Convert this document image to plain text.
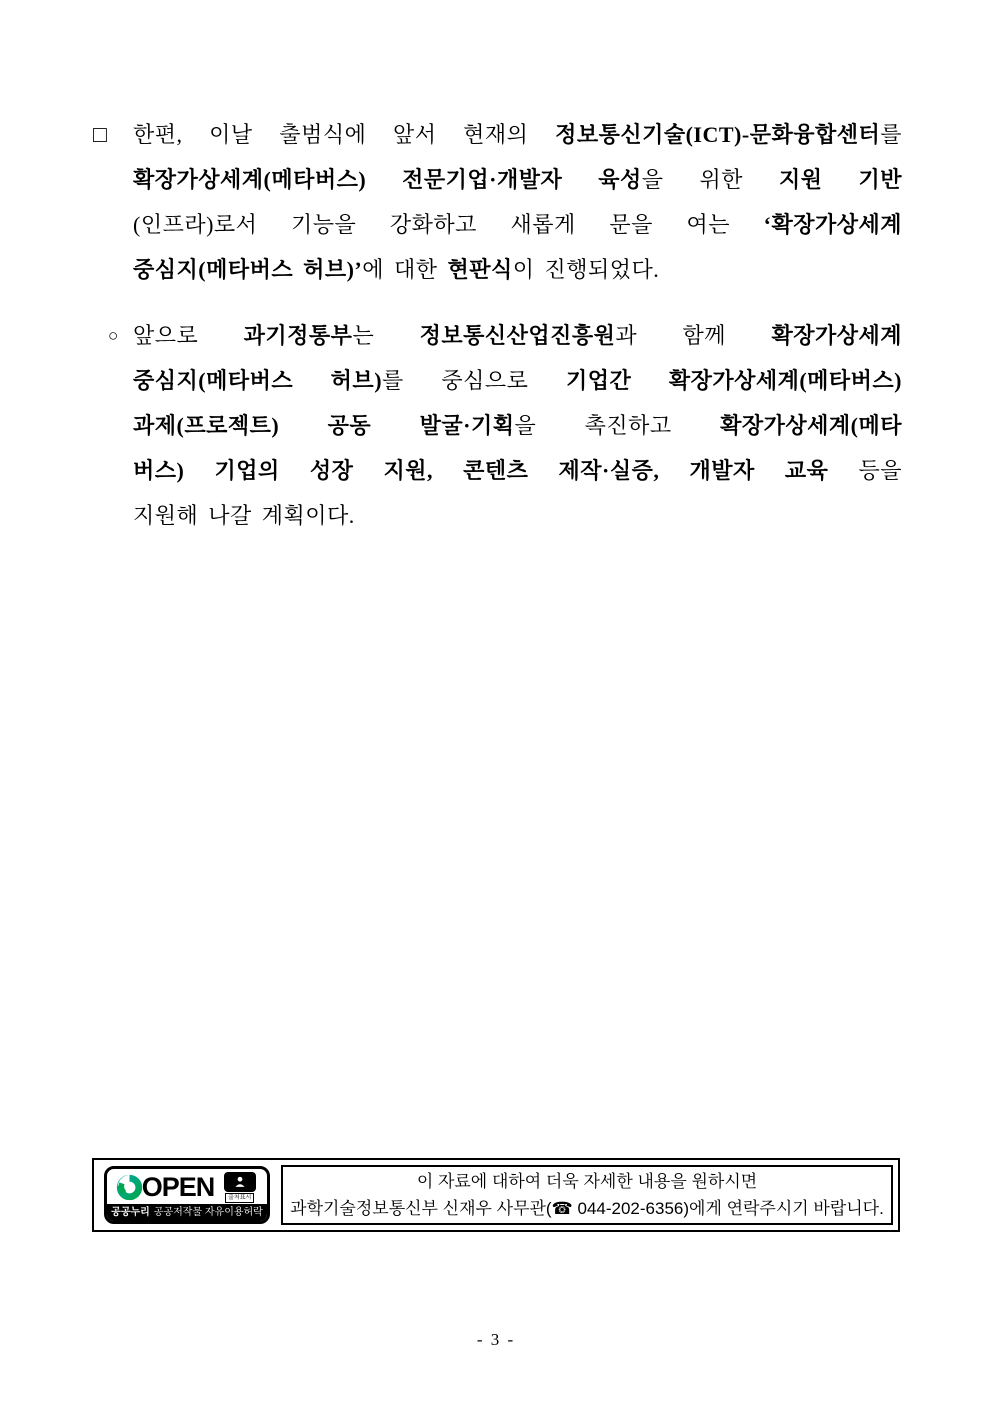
□	한편, 이날 출범식에 앞서 현재의 정보통신기술(ICT)-문화융합센터를
확장가상세계(메타버스) 전문기업·개발자 육성을 위한 지원 기반
(인프라)로서 기능을 강화하고 새롭게 문을 여는 ‘확장가상세계
중심지(메타버스 허브)’에 대한 현판식이 진행되었다.
○ 앞으로 과기정통부는 정보통신산업진흥원과 함께 확장가상세계
중심지(메타버스 허브)를 중심으로 기업간 확장가상세계(메타버스)
과제(프로젝트) 공동 발굴·기획을 촉진하고 확장가상세계(메타
버스) 기업의 성장 지원, 콘텐츠 제작·실증, 개발자 교육 등을
지원해 나갈 계획이다.
OPEN	출처표시
공공누리 공공저작물 자유이용허락
이 자료에 대하여 더욱 자세한 내용을 원하시면
과학기술정보통신부 신재우 사무관(☎ 044-202-6356)에게 연락주시기 바랍니다.
- 3 -
